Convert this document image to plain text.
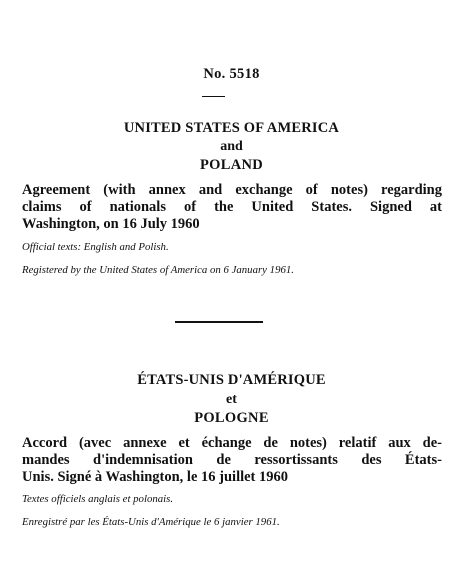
No. 5518
UNITED STATES OF AMERICA
and
POLAND
Agreement (with annex and exchange of notes) regarding
claims of nationals of the United States. Signed at
Washington, on 16 July 1960
Official texts: English and Polish.
Registered by the United States of America on 6 January 1961.
ÉTATS-UNIS D'AMÉRIQUE
et
POLOGNE
Accord (avec annexe et échange de notes) relatif aux de-
mandes d'indemnisation de ressortissants des États-
Unis. Signé à Washington, le 16 juillet 1960
Textes officiels anglais et polonais.
Enregistré par les États-Unis d'Amérique le 6 janvier 1961.
